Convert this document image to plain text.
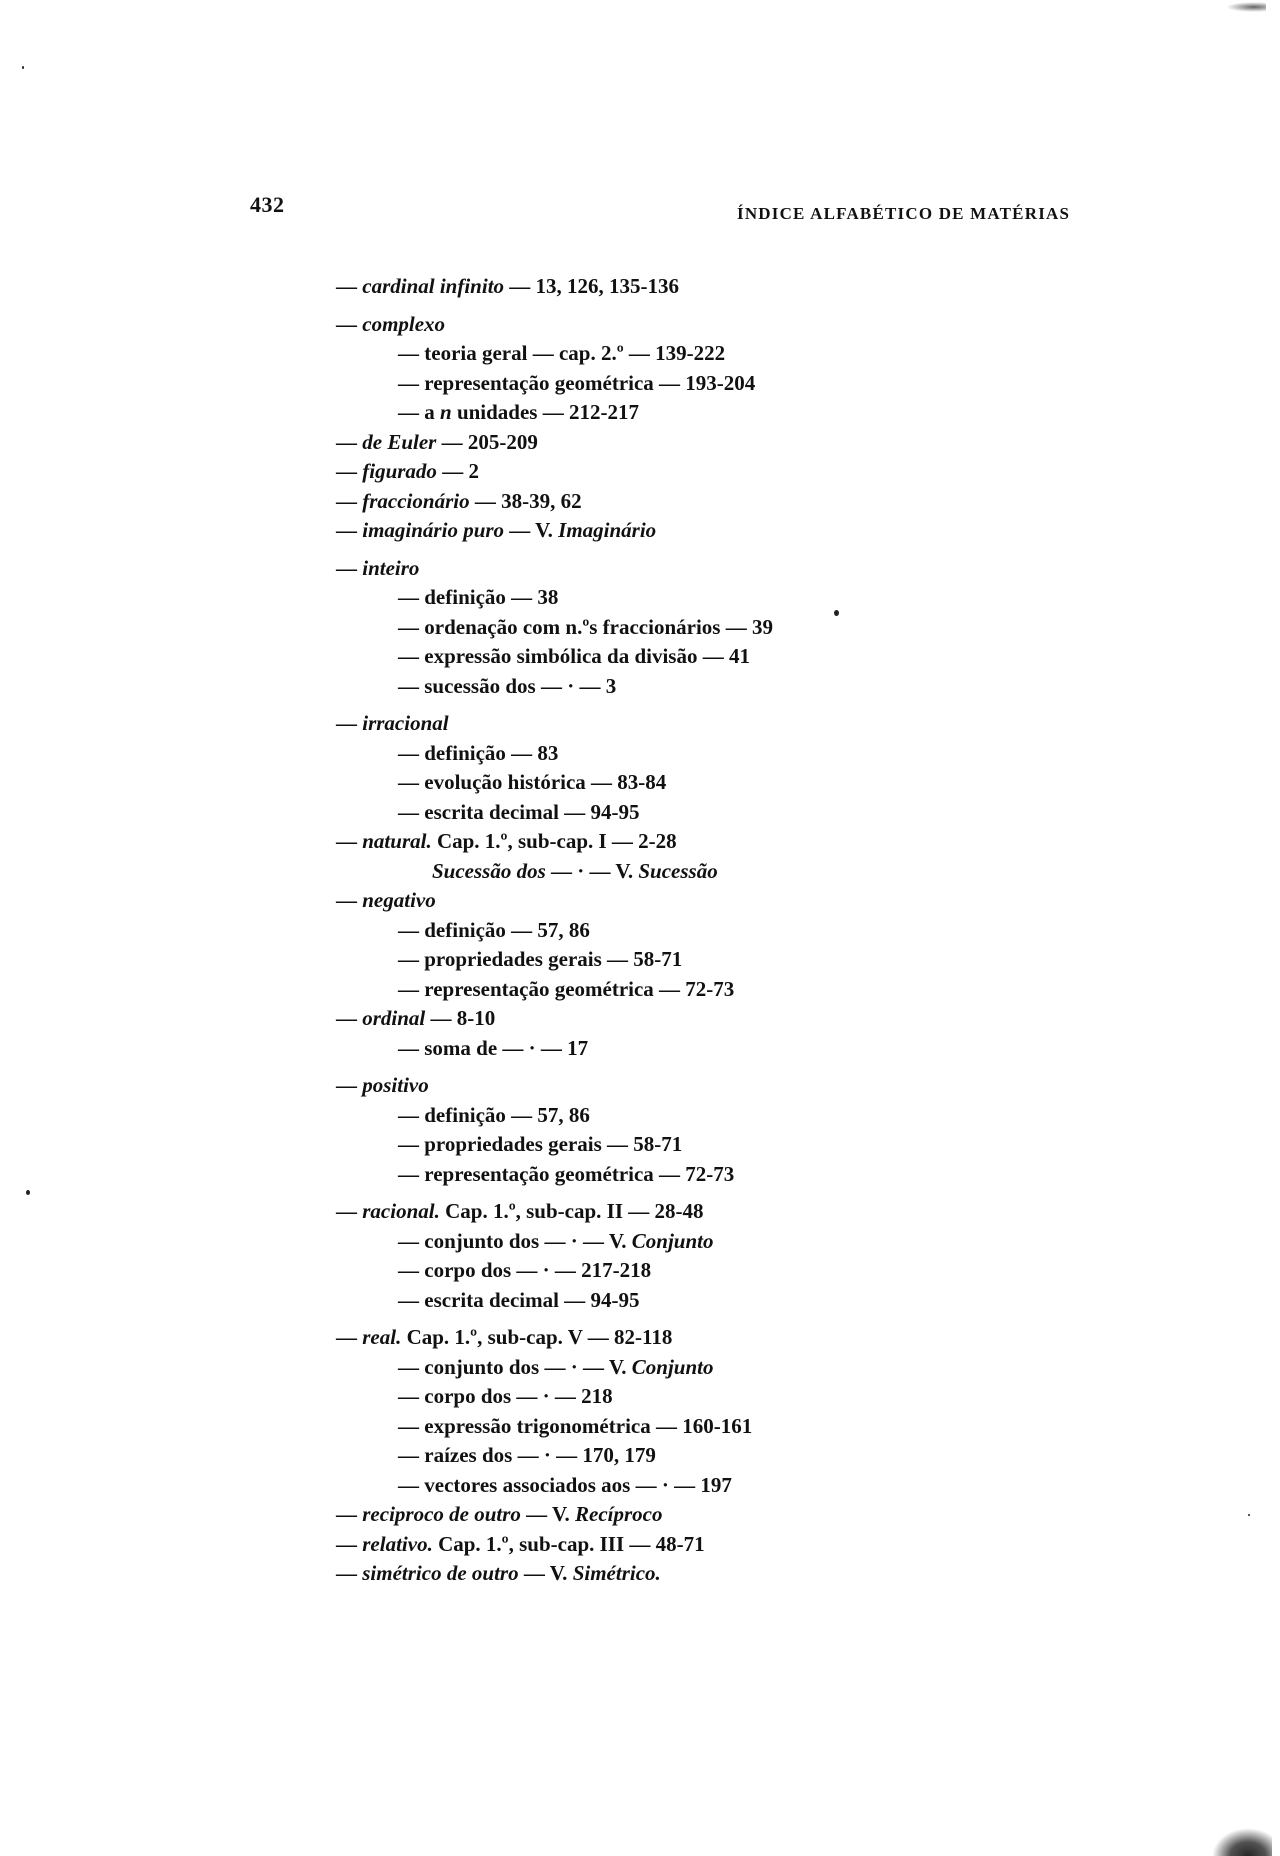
432	ÍNDICE ALFABÉTICO DE MATÉRIAS
— cardinal infinito — 13, 126, 135-136
— complexo
— teoria geral — cap. 2.º — 139-222
— representação geométrica — 193-204
— a n unidades — 212-217
— de Euler — 205-209
— figurado — 2
— fraccionário — 38-39, 62
— imaginário puro — V. Imaginário
— inteiro
— definição — 38
— ordenação com n.ºs fraccionários — 39
— expressão simbólica da divisão — 41
— sucessão dos — · — 3
— irracional
— definição — 83
— evolução histórica — 83-84
— escrita decimal — 94-95
— natural. Cap. 1.º, sub-cap. I — 2-28
Sucessão dos — · — V. Sucessão
— negativo
— definição — 57, 86
— propriedades gerais — 58-71
— representação geométrica — 72-73
— ordinal — 8-10
— soma de — · — 17
— positivo
— definição — 57, 86
— propriedades gerais — 58-71
— representação geométrica — 72-73
— racional. Cap. 1.º, sub-cap. II — 28-48
— conjunto dos — · — V. Conjunto
— corpo dos — · — 217-218
— escrita decimal — 94-95
— real. Cap. 1.º, sub-cap. V — 82-118
— conjunto dos — · — V. Conjunto
— corpo dos — · — 218
— expressão trigonométrica — 160-161
— raízes dos — · — 170, 179
— vectores associados aos — · — 197
— reciproco de outro — V. Recíproco
— relativo. Cap. 1.º, sub-cap. III — 48-71
— simétrico de outro — V. Simétrico.
